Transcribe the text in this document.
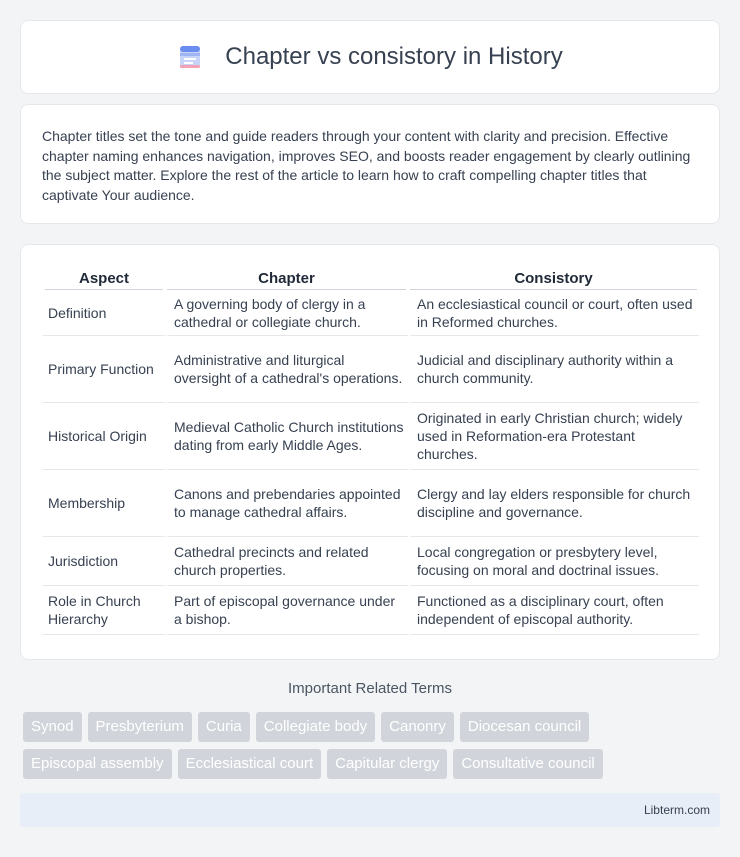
Chapter vs consistory in History

Chapter titles set the tone and guide readers through your content with clarity and precision. Effective chapter naming enhances navigation, improves SEO, and boosts reader engagement by clearly outlining the subject matter. Explore the rest of the article to learn how to craft compelling chapter titles that captivate Your audience.

Aspect	Chapter	Consistory

Definition	A governing body of clergy in a cathedral or collegiate church.	An ecclesiastical council or court, often used in Reformed churches.
Primary Function	Administrative and liturgical oversight of a cathedral's operations.	Judicial and disciplinary authority within a church community.
Historical Origin	Medieval Catholic Church institutions dating from early Middle Ages.	Originated in early Christian church; widely used in Reformation-era Protestant churches.
Membership	Canons and prebendaries appointed to manage cathedral affairs.	Clergy and lay elders responsible for church discipline and governance.
Jurisdiction	Cathedral precincts and related church properties.	Local congregation or presbytery level, focusing on moral and doctrinal issues.
Role in Church Hierarchy	Part of episcopal governance under a bishop.	Functioned as a disciplinary court, often independent of episcopal authority.
Important Related Terms
Synod	Presbyterium	Curia	Collegiate body	Canonry	Diocesan council
Episcopal assembly	Ecclesiastical court	Capitular clergy	Consultative council
Libterm.com
